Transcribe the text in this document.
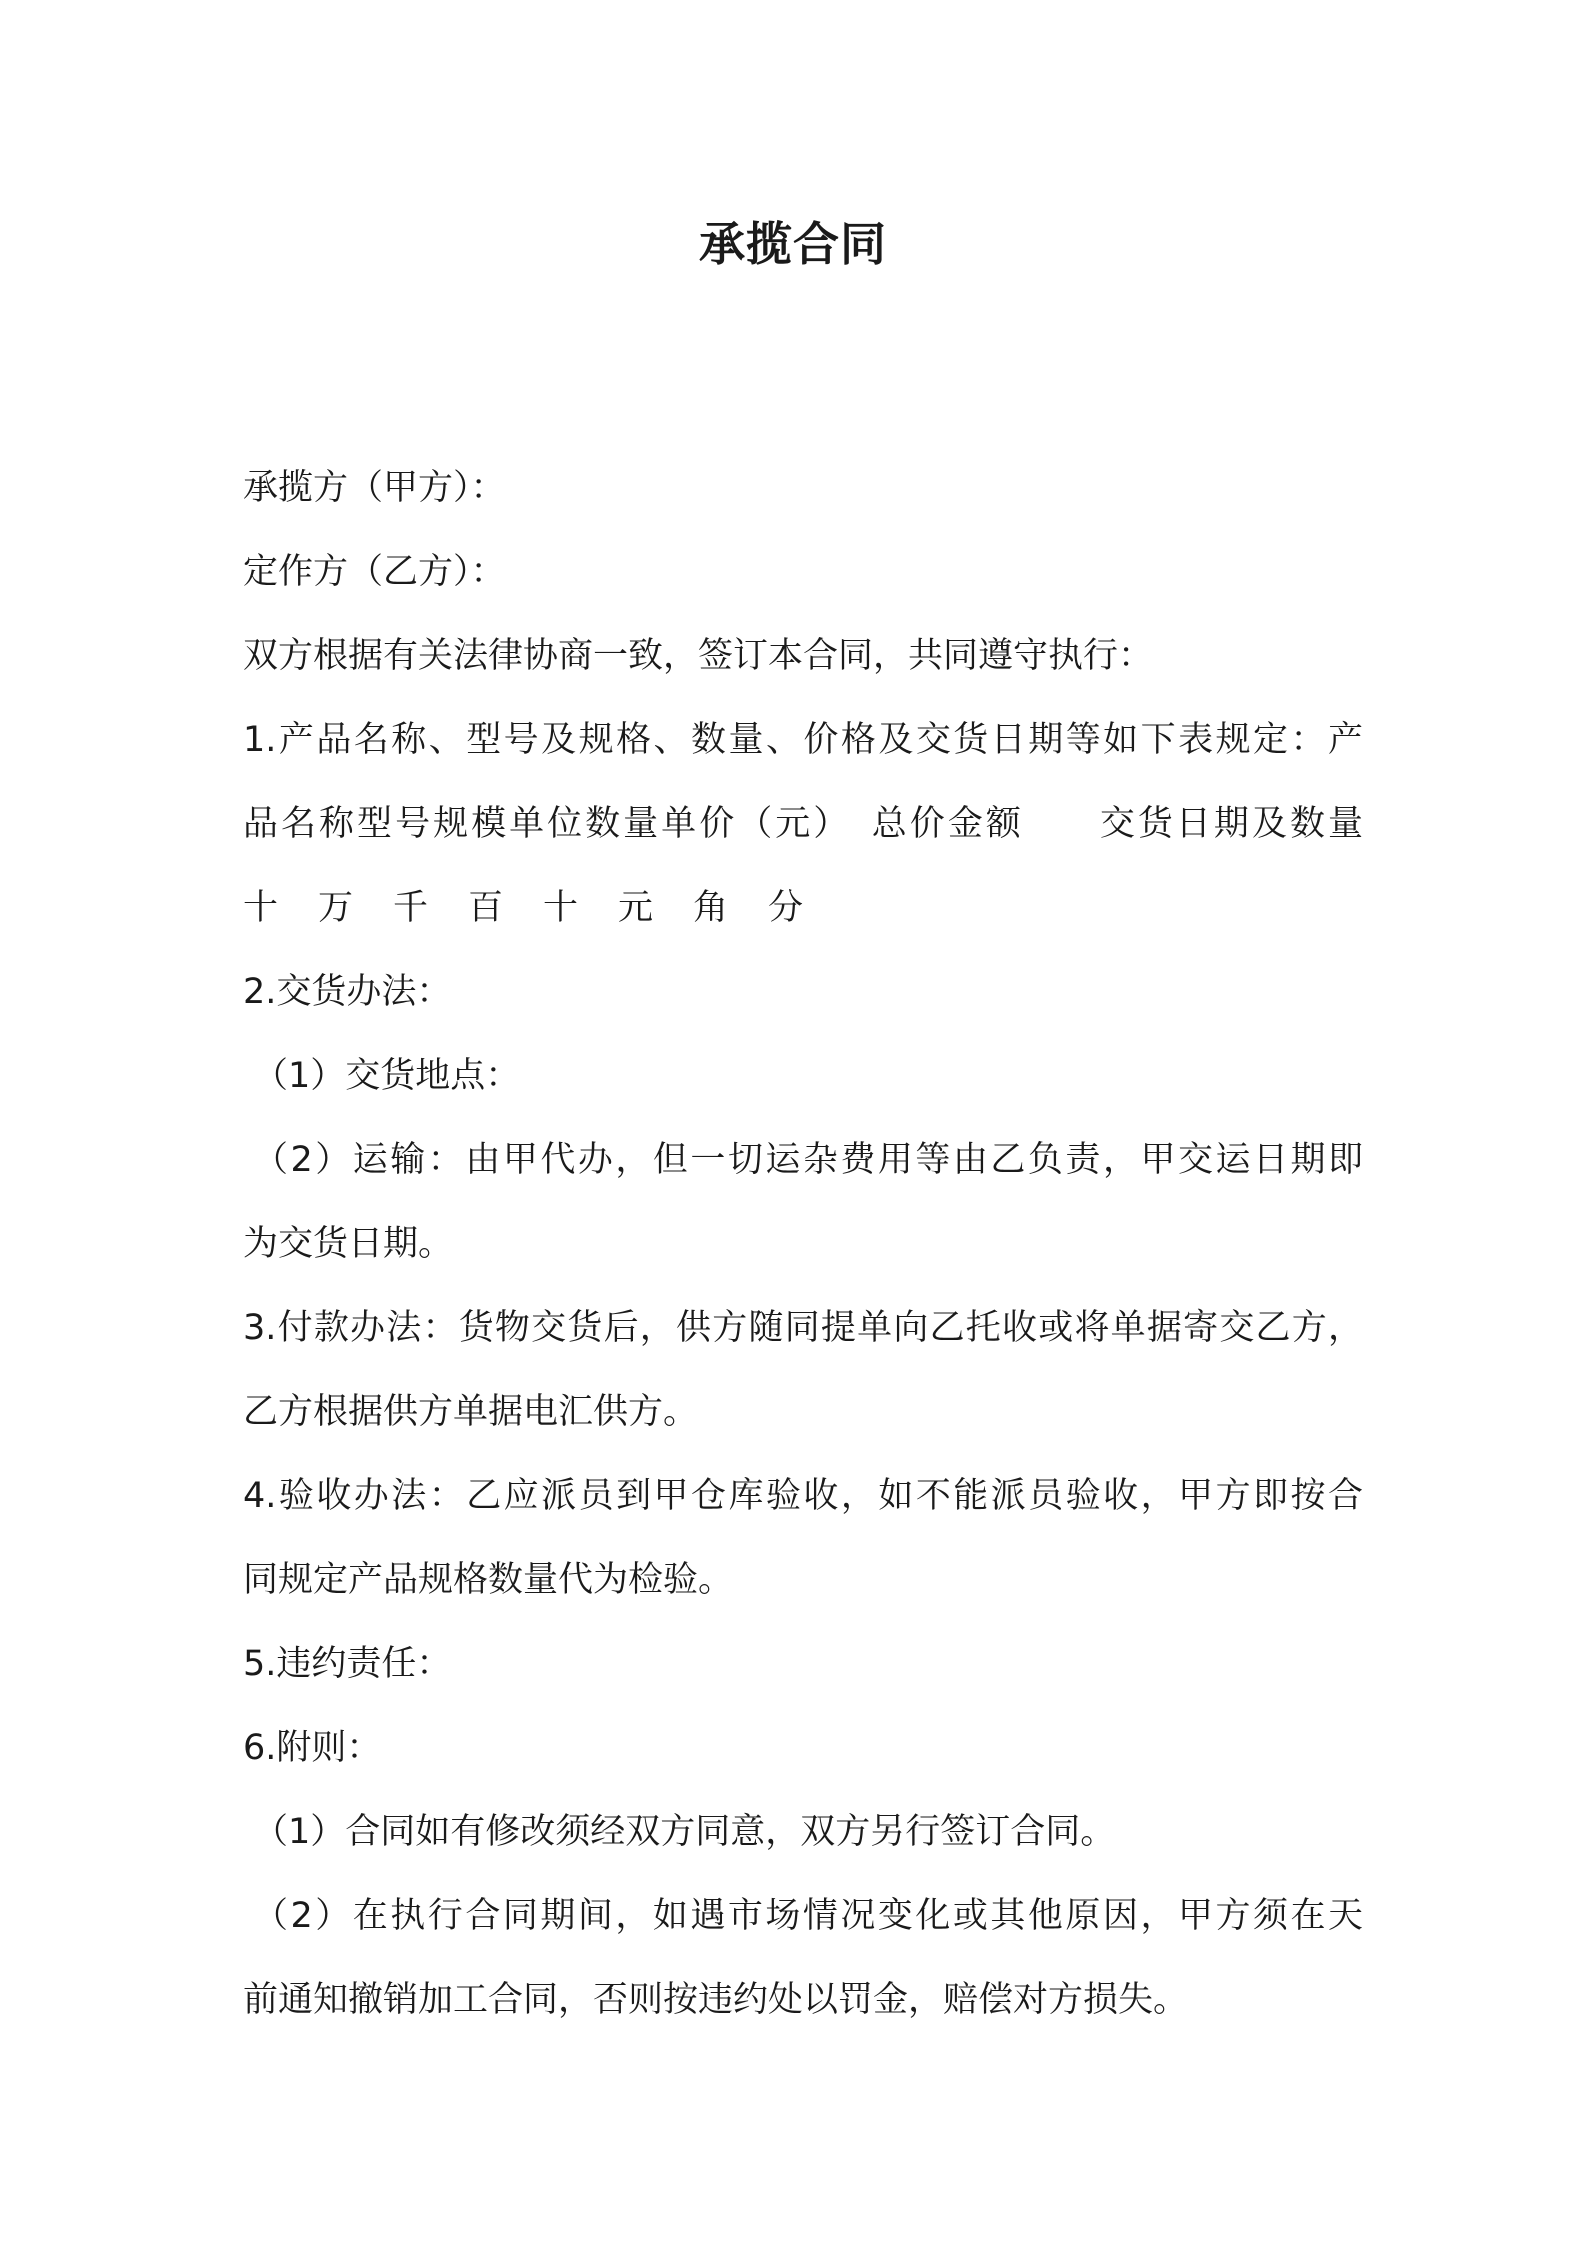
承揽合同
承揽方（甲方）：
定作方（乙方）：
双方根据有关法律协商一致，签订本合同，共同遵守执行：
1.产品名称、型号及规格、数量、价格及交货日期等如下表规定：产
品名称型号规模单位数量单价（元）　总价金额　　交货日期及数量
十	万	千	百	十	元	角	分
2.交货办法：
（1）交货地点：
（2）运输：由甲代办，但一切运杂费用等由乙负责，甲交运日期即
为交货日期。
3.付款办法：货物交货后，供方随同提单向乙托收或将单据寄交乙方，
乙方根据供方单据电汇供方。
4.验收办法：乙应派员到甲仓库验收，如不能派员验收，甲方即按合
同规定产品规格数量代为检验。
5.违约责任：
6.附则：
（1）合同如有修改须经双方同意，双方另行签订合同。
（2）在执行合同期间，如遇市场情况变化或其他原因，甲方须在天
前通知撤销加工合同，否则按违约处以罚金，赔偿对方损失。
